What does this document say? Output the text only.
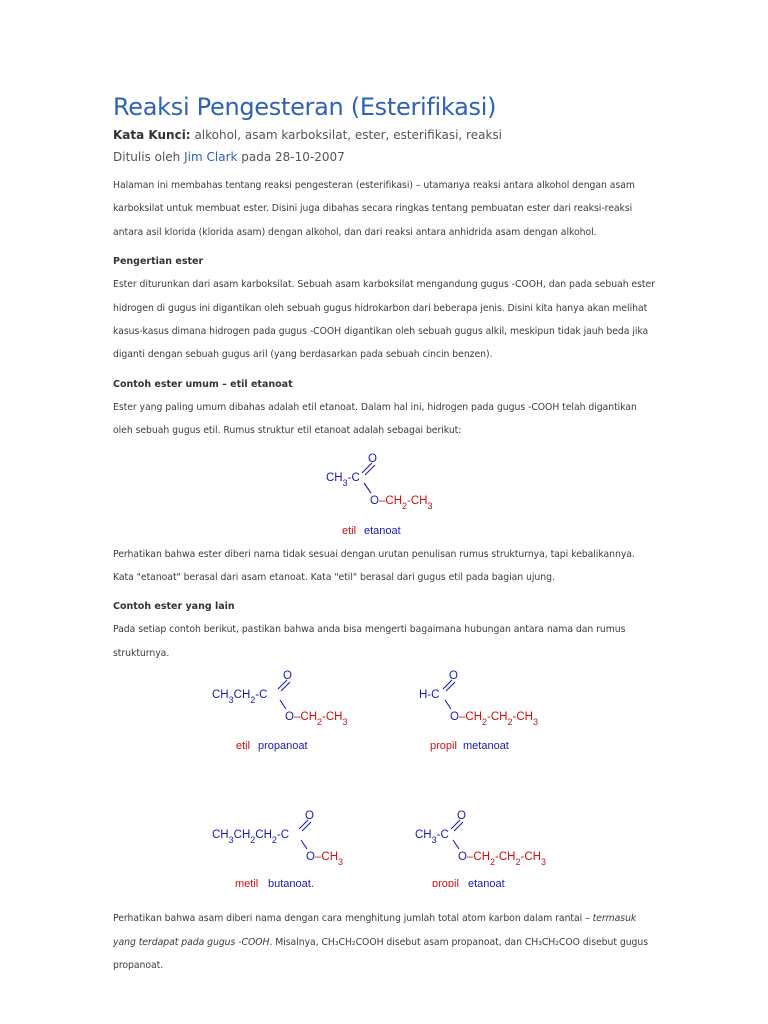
Reaksi Pengesteran (Esterifikasi)
Kata Kunci: alkohol, asam karboksilat, ester, esterifikasi, reaksi
Ditulis oleh Jim Clark pada 28-10-2007

Halaman ini membahas tentang reaksi pengesteran (esterifikasi) – utamanya reaksi antara alkohol dengan asam karboksilat untuk membuat ester. Disini juga dibahas secara ringkas tentang pembuatan ester dari reaksi-reaksi antara asil klorida (klorida asam) dengan alkohol, dan dari reaksi antara anhidrida asam dengan alkohol.

Pengertian ester

Ester diturunkan dari asam karboksilat. Sebuah asam karboksilat mengandung gugus -COOH, dan pada sebuah ester hidrogen di gugus ini digantikan oleh sebuah gugus hidrokarbon dari beberapa jenis. Disini kita hanya akan melihat kasus-kasus dimana hidrogen pada gugus -COOH digantikan oleh sebuah gugus alkil, meskipun tidak jauh beda jika diganti dengan sebuah gugus aril (yang berdasarkan pada sebuah cincin benzen).

Contoh ester umum – etil etanoat

Ester yang paling umum dibahas adalah etil etanoat. Dalam hal ini, hidrogen pada gugus -COOH telah digantikan oleh sebuah gugus etil. Rumus struktur etil etanoat adalah sebagai berikut:

O
$CH_3-C$
O $-CH_2-CH_3$
etil etanoat

Perhatikan bahwa ester diberi nama tidak sesuai dengan urutan penulisan rumus strukturnya, tapi kebalikannya. Kata "etanoat" berasal dari asam etanoat. Kata "etil" berasal dari gugus etil pada bagian ujung.

Contoh ester yang lain

Pada setiap contoh berikut, pastikan bahwa anda bisa mengerti bagaimana hubungan antara nama dan rumus strukturnya.

O
$CH_3CH_2-C$
O $-CH_2-CH_3$
etil propanoat
O
H-C
O $-CH_2-CH_2-CH_3$
propil metanoat
O
$CH_3CH_2CH_2-C$
O $-CH_3$
metil butanoat.
O
$CH_3-C$
O $-CH_2-CH_2-CH_3$
propil etanoat

Perhatikan bahwa asam diberi nama dengan cara menghitung jumlah total atom karbon dalam rantai – termasuk yang terdapat pada gugus -COOH. Misalnya, CH₃CH₂COOH disebut asam propanoat, dan CH₃CH₂COO disebut gugus propanoat.
